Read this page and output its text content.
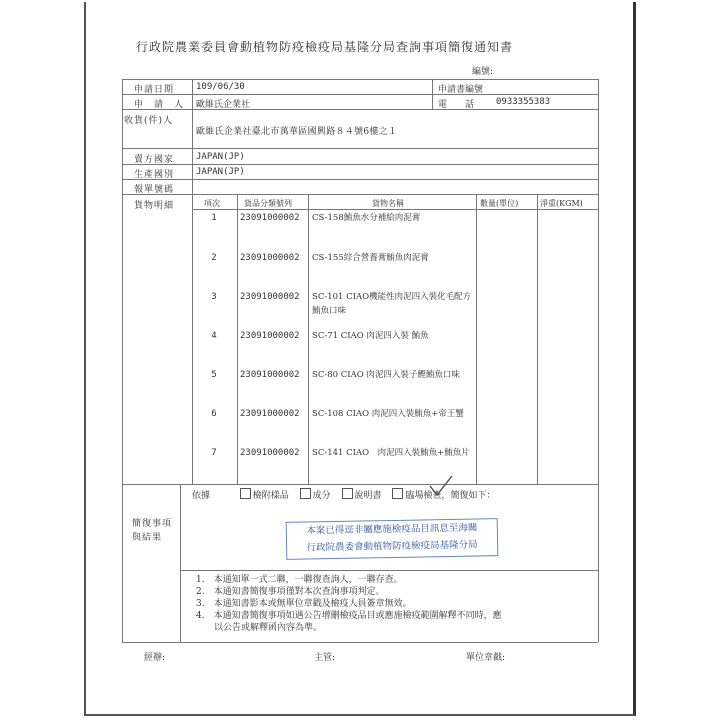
行政院農業委員會動植物防疫檢疫局基隆分局查詢事項簡復通知書
編號:
申請日期 109/06/30	申請書編號
申　請　人 歐維氏企業社	電　　話 0933355383
收貨(件)人
歐維氏企業社臺北市萬華區國興路８４號6樓之１
賣方國家 JAPAN(JP)
生產國別 JAPAN(JP)
報單號碼
貨物明細	項次	貨品分類號列	貨物名稱	數量(單位)	淨重(KGM)
1	23091000002 CS-158鮪魚水分補給肉泥膏
2	23091000002 CS-155綜合營養膏鮪魚肉泥膏
3	23091000002 SC-101 CIAO機能性肉泥四入裝化毛配方 鮪魚口味
4	23091000002 SC-71 CIAO 肉泥四入裝 鮪魚
5	23091000002 SC-80 CIAO 肉泥四入裝子鰹鮪魚口味
6	23091000002 SC-108 CIAO 肉泥四入裝鮪魚+帝王蟹
7	23091000002 SC-141 CIAO　肉泥四入裝鮪魚+鮪魚片
簡復事項
與結果
依據	檢附樣品	成分	說明書	臨場檢查，簡復如下：
本案已得逕非屬應施檢疫品目訊息至海關
行政院農委會動植物防疫檢疫局基隆分局
1.　本通知單一式二聯，一聯復查詢人，一聯存查。
2.　本通知書簡復事項僅對本次查詢事項判定。
3.　本通知書影本或無單位章戳及檢疫人員簽章無效。
4.　本通知書簡復事項如遇公告增刪檢疫品目或應施檢疫範圍解釋不同時，應
　　以公告或解釋函內容為準。
經辦:	主管:	單位章戳:
